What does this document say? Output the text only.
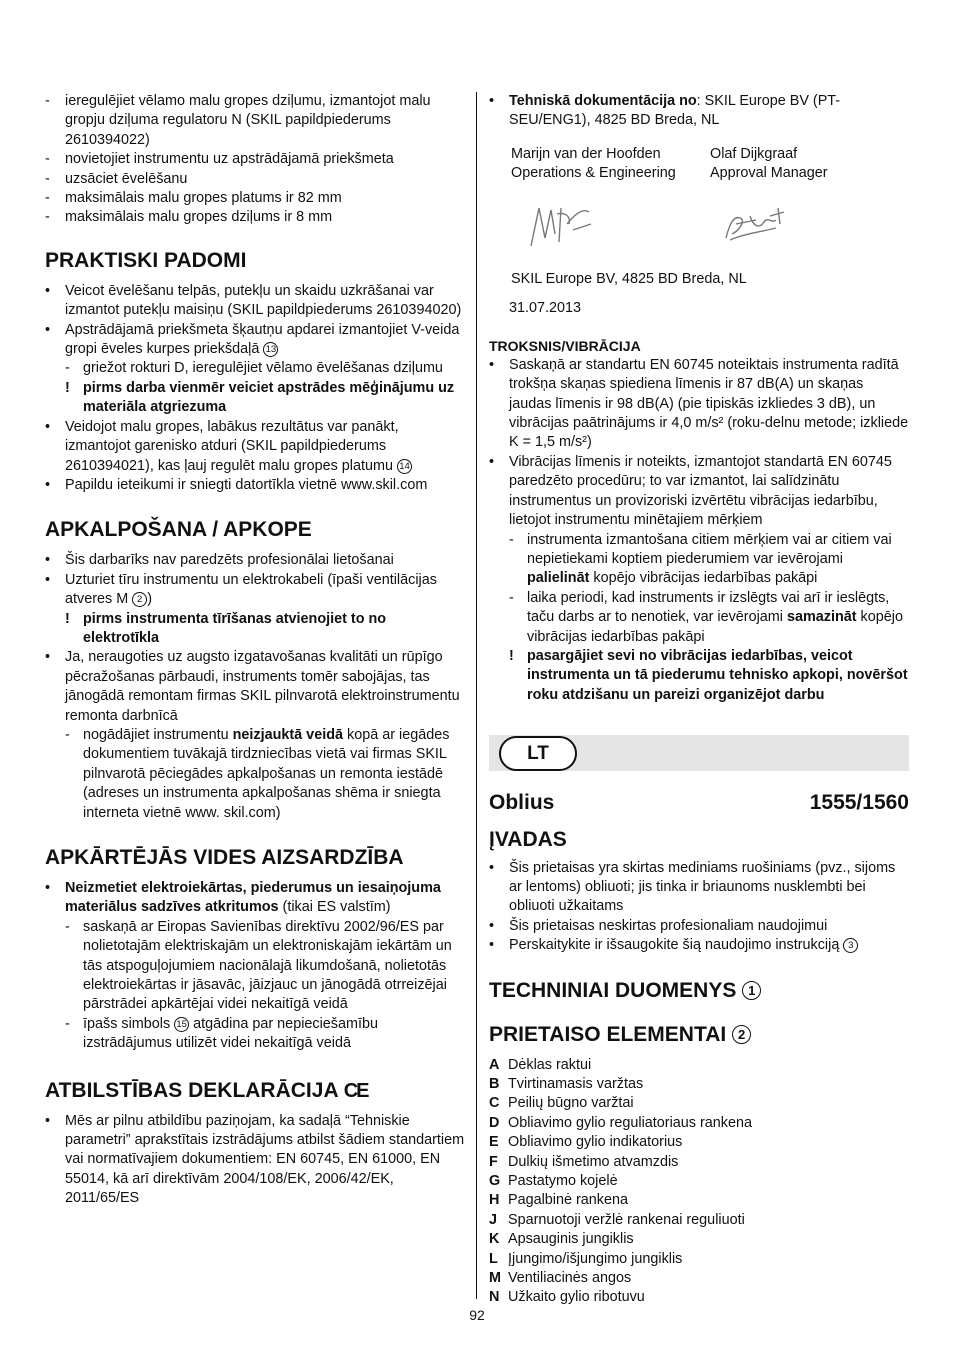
- ieregulējiet vēlamo malu gropes dziļumu, izmantojot malu gropju dziļuma regulatoru N (SKIL papildpiederums 2610394022)
- novietojiet instrumentu uz apstrādājamā priekšmeta
- uzsāciet ēvelēšanu
- maksimālais malu gropes platums ir 82 mm
- maksimālais malu gropes dziļums ir 8 mm
PRAKTISKI PADOMI
• Veicot ēvelēšanu telpās, putekļu un skaidu uzkrāšanai var izmantot putekļu maisiņu (SKIL papildpiederums 2610394020)
• Apstrādājamā priekšmeta šķautņu apdarei izmantojiet V-veida gropi ēveles kurpes priekšdaļā 13
- griežot rokturi D, ieregulējiet vēlamo ēvelēšanas dziļumu
! pirms darba vienmēr veiciet apstrādes mēģinājumu uz materiāla atgriezuma
• Veidojot malu gropes, labākus rezultātus var panākt, izmantojot garenisko atduri (SKIL papildpiederums 2610394021), kas ļauj regulēt malu gropes platumu 14
• Papildu ieteikumi ir sniegti datortīkla vietnē www.skil.com
APKALPOŠANA / APKOPE
• Šis darbarīks nav paredzēts profesionālai lietošanai
• Uzturiet tīru instrumentu un elektrokabeli (īpaši ventilācijas atveres M 2 )
! pirms instrumenta tīrīšanas atvienojiet to no elektrotīkla
• Ja, neraugoties uz augsto izgatavošanas kvalitāti un rūpīgo pēcražošanas pārbaudi, instruments tomēr sabojājas, tas jānogādā remontam firmas SKIL pilnvarotā elektroinstrumentu remonta darbnīcā
- nogādājiet instrumentu neizjauktā veidā kopā ar iegādes dokumentiem tuvākajā tirdzniecības vietā vai firmas SKIL pilnvarotā pēciegādes apkalpošanas un remonta iestādē (adreses un instrumenta apkalpošanas shēma ir sniegta interneta vietnē www. skil.com)
APKĀRTĒJĀS VIDES AIZSARDZĪBA
• Neizmetiet elektroiekārtas, piederumus un iesaiņojuma materiālus sadzīves atkritumos (tikai ES valstīm)
- saskaņā ar Eiropas Savienības direktīvu 2002/96/ES par nolietotajām elektriskajām un elektroniskajām iekārtām un tās atspoguļojumiem nacionālajā likumdošanā, nolietotās elektroiekārtas ir jāsavāc, jāizjauc un jānogādā otrreizējai pārstrādei apkārtējai videi nekaitīgā veidā
- īpašs simbols 15 atgādina par nepieciešamību izstrādājumus utilizēt videi nekaitīgā veidā
ATBILSTĪBAS DEKLARĀCIJA CE
• Mēs ar pilnu atbildību paziņojam, ka sadaļā “Tehniskie parametri” aprakstītais izstrādājums atbilst šādiem standartiem vai normatīvajiem dokumentiem: EN 60745, EN 61000, EN 55014, kā arī direktīvām 2004/108/EK, 2006/42/EK, 2011/65/ES
• Tehniskā dokumentācija no: SKIL Europe BV (PT-SEU/ENG1), 4825 BD Breda, NL
Marijn van der Hoofden
Operations & Engineering
Olaf Dijkgraaf
Approval Manager
SKIL Europe BV, 4825 BD Breda, NL
31.07.2013
TROKSNIS/VIBRĀCIJA
• Saskaņā ar standartu EN 60745 noteiktais instrumenta radītā trokšņa skaņas spiediena līmenis ir 87 dB(A) un skaņas jaudas līmenis ir 98 dB(A) (pie tipiskās izkliedes 3 dB), un vibrācijas paātrinājums ir 4,0 m/s² (roku-delnu metode; izkliede K = 1,5 m/s²)
• Vibrācijas līmenis ir noteikts, izmantojot standartā EN 60745 paredzēto procedūru; to var izmantot, lai salīdzinātu instrumentus un provizoriski izvērtētu vibrācijas iedarbību, lietojot instrumentu minētajiem mērķiem
- instrumenta izmantošana citiem mērķiem vai ar citiem vai nepietiekami koptiem piederumiem var ievērojami palielināt kopējo vibrācijas iedarbības pakāpi
- laika periodi, kad instruments ir izslēgts vai arī ir ieslēgts, taču darbs ar to nenotiek, var ievērojami samazināt kopējo vibrācijas iedarbības pakāpi
! pasargājiet sevi no vibrācijas iedarbības, veicot instrumenta un tā piederumu tehnisko apkopi, novēršot roku atdzišanu un pareizi organizējot darbu
LT
Oblius	1555/1560
ĮVADAS
• Šis prietaisas yra skirtas mediniams ruošiniams (pvz., sijoms ar lentoms) obliuoti; jis tinka ir briaunoms nusklembti bei obliuoti užkaitams
• Šis prietaisas neskirtas profesionaliam naudojimui
• Perskaitykite ir išsaugokite šią naudojimo instrukciją 3
TECHNINIAI DUOMENYS 1
PRIETAISO ELEMENTAI 2
A Dėklas raktui
B Tvirtinamasis varžtas
C Peilių būgno varžtai
D Obliavimo gylio reguliatoriaus rankena
E Obliavimo gylio indikatorius
F Dulkių išmetimo atvamzdis
G Pastatymo kojelė
H Pagalbinė rankena
J Sparnuotoji veržlė rankenai reguliuoti
K Apsauginis jungiklis
L Įjungimo/išjungimo jungiklis
M Ventiliacinės angos
N Užkaito gylio ribotuvu
92
